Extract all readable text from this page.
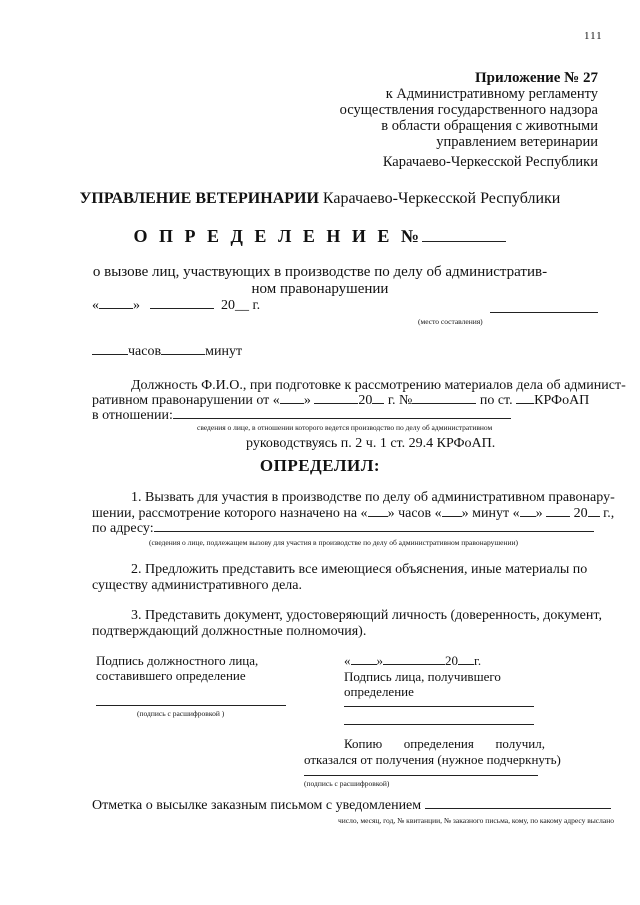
111
Приложение № 27
к Административному регламенту
осуществления государственного надзора
в области обращения с животными
управлением ветеринарии
Карачаево-Черкесской Республики
УПРАВЛЕНИЕ ВЕТЕРИНАРИИ Карачаево-Черкесской Республики
О П Р Е Д Е Л Е Н И Е №
о вызове лиц, участвующих в производстве по делу об административ-
ном правонарушении
« »	20__ г.
(место составления)
часов	минут
Должность Ф.И.О., при подготовке к рассмотрению материалов дела об админист-
ративном правонарушении от « »	20 г. №	по ст. КРФоАП
в отношении:
сведения о лице, в отношении которого ведется производство по делу об административном
руководствуясь п. 2 ч. 1 ст. 29.4 КРФоАП.
ОПРЕДЕЛИЛ:
1. Вызвать для участия в производстве по делу об административном правонару-
шении, рассмотрение которого назначено на « » часов « » минут « » 20 г.,
по адресу:
(сведения о лице, подлежащем вызову для участия в производстве по делу об административном правонарушении)
2. Предложить представить все имеющиеся объяснения, иные материалы по
существу административного дела.
3. Представить документ, удостоверяющий личность (доверенность, документ,
подтверждающий должностные полномочия).
Подпись должностного лица,
составившего определение
(подпись с расшифровкой )
« »	20 г.
Подпись лица, получившего
определение
Копию определения получил,
отказался от получения (нужное подчеркнуть)
(подпись с расшифровкой)
Отметка о высылке заказным письмом с уведомлением
число, месяц, год, № квитанции, № заказного письма, кому, по какому адресу выслано
